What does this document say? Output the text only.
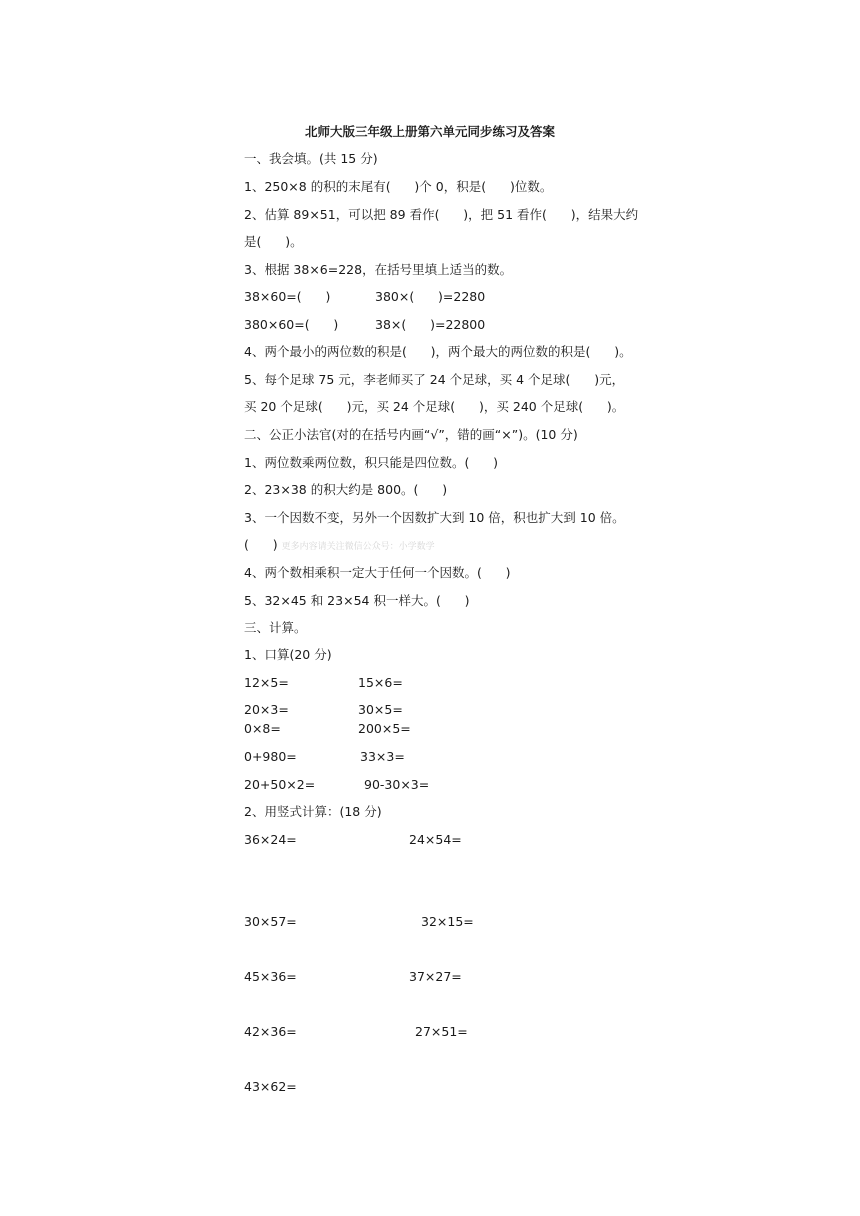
北师大版三年级上册第六单元同步练习及答案
一、我会填。(共 15 分)
1、250×8 的积的末尾有(      )个 0，积是(      )位数。
2、估算 89×51，可以把 89 看作(      )，把 51 看作(      )，结果大约
是(      )。
3、根据 38×6=228，在括号里填上适当的数。
38×60=(      )	380×(      )=2280
380×60=(      )	38×(      )=22800
4、两个最小的两位数的积是(      )，两个最大的两位数的积是(      )。
5、每个足球 75 元，李老师买了 24 个足球，买 4 个足球(      )元，
买 20 个足球(      )元，买 24 个足球(      )，买 240 个足球(      )。
二、公正小法官(对的在括号内画“√”，错的画“×”)。(10 分)
1、两位数乘两位数，积只能是四位数。(      )
2、23×38 的积大约是 800。(      )
3、一个因数不变，另外一个因数扩大到 10 倍，积也扩大到 10 倍。
(      ) 更多内容请关注微信公众号：小学数学
4、两个数相乘积一定大于任何一个因数。(      )
5、32×45 和 23×54 积一样大。(      )
三、计算。
1、口算(20 分)
12×5=	15×6=
20×3=	30×5=
0×8=	200×5=
0+980=	33×3=
20+50×2=	90-30×3=
2、用竖式计算：(18 分)
36×24=	24×54=
30×57=	32×15=
45×36=	37×27=
42×36=	27×51=
43×62=
